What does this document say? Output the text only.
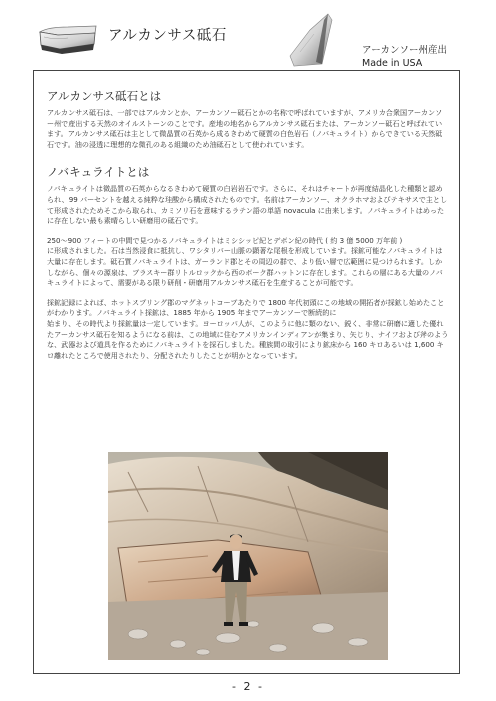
アルカンサス砥石
アーカンソー州産出
Made in USA
アルカンサス砥石とは

アルカンサス砥石は、一部ではアルカンとか、アーカンソー砥石とかの名称で呼ばれていますが、アメリカ合衆国アーカンソー州で産出する天然のオイルストーンのことです。産地の地名からアルカンサス砥石または、アーカンソー砥石と呼ばれています。アルカンサス砥石は主として微晶質の石英から成るきわめて硬質の白色岩石（ノバキュライト）からできている天然砥石です。油の浸透に理想的な微孔のある組織のため油砥石として使われています。

ノバキュライトとは

ノバキュライトは微晶質の石英からなるきわめて硬質の白岩岩石です。さらに、それはチャートが再度結晶化した種類と認められ、99 パーセントを越える純粋な珪酸から構成されたものです。名前はアーカンソー、オクラホマおよびテキサスで主として形成されたためそこから取られ、カミソリ石を意味するラテン語の単語 novacula に由来します。ノバキュライトはめったに存在しない最も素晴らしい研磨用の砥石です。

250～900 フィートの中間で見つかるノバキュライトはミシシッピ紀とデボン紀の時代 ( 約 3 億 5000 万年前 )
に形成されました。石は当然浸食に抵抗し、ワシタリバー山脈の顕著な尾根を形成しています。採鉱可能なノバキュライトは 大量に存在します。砥石質ノバキュライトは、ガーランド郡とその周辺の群で、より低い層で広範囲に見つけられます。しかしながら、個々の源泉は、ブラスキー群リトルロックから西のボーク群ハットンに存在します。これらの層にある大量のノバキュライトによって、需要がある限り研削・研磨用アルカンサス砥石を生産することが可能です。

採鉱記録によれば、ホットスプリング郡のマグネットコーブあたりで 1800 年代初頭にこの地域の開拓者が採鉱し始めたことがわかります。ノバキュライト採鉱は、1885 年から 1905 年までアーカンソーで断続的に
始まり、その時代より採鉱量は一定しています。ヨーロッパ人が、このように他に類のない、鋭く、非常に研磨に適した優れたアーカンサス砥石を知るようになる前は、この地域に住むアメリカンインディアンが集まり、矢じり、ナイフおよび斧のような、武器および道具を作るためにノバキュライトを採石しました。種族間の取引により鉱床から 160 キロあるいは 1,600 キロ離れたところで使用されたり、分配されたりしたことが明かとなっています。

- 2 -
